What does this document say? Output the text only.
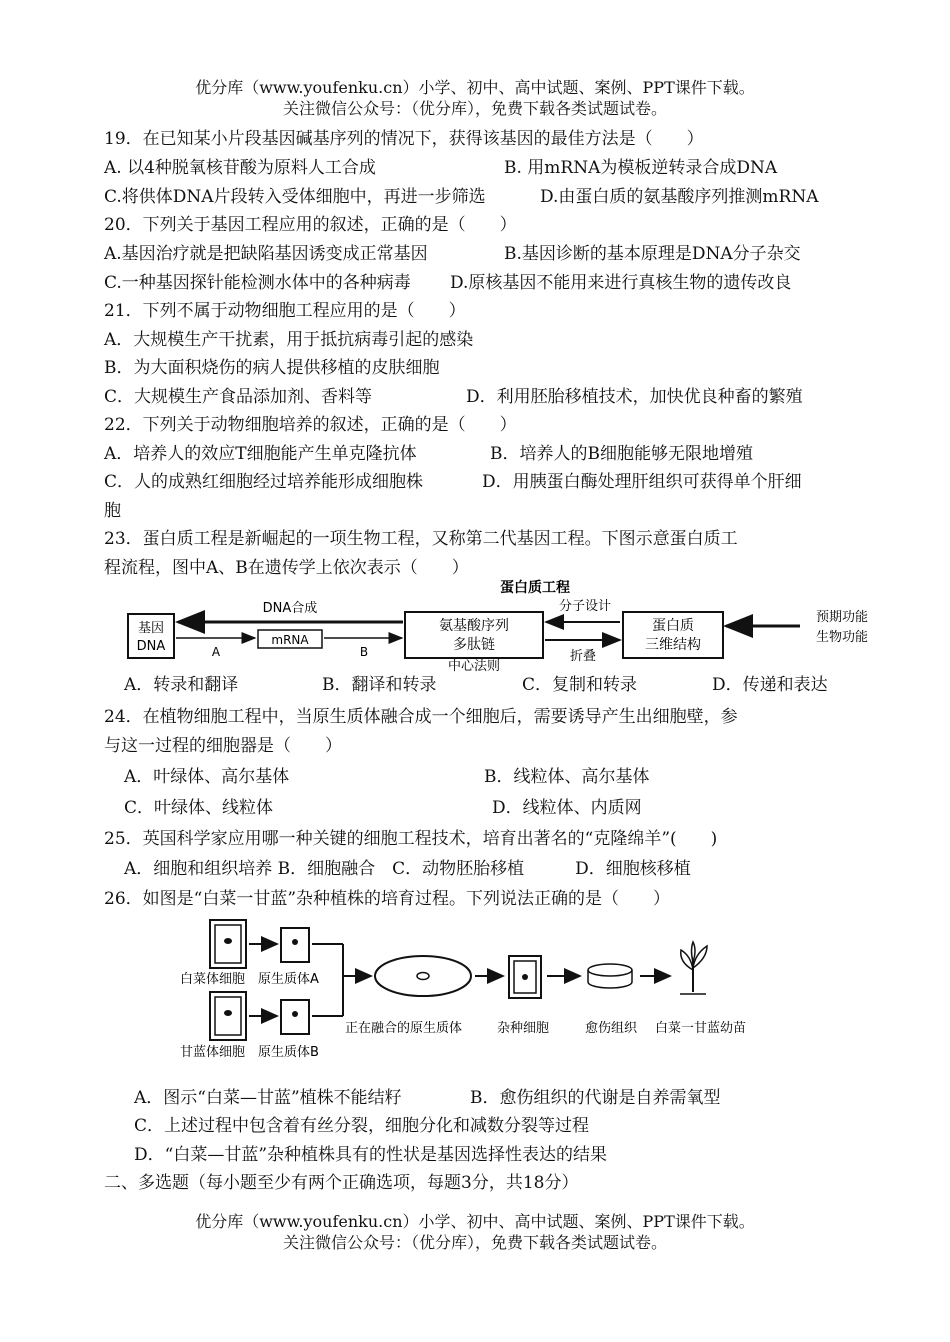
优分库（www.youfenku.cn）小学、初中、高中试题、案例、PPT课件下载。
关注微信公众号：（优分库），免费下载各类试题试卷。
19．在已知某小片段基因碱基序列的情况下，获得该基因的最佳方法是（　　）
A. 以4种脱氧核苷酸为原料人工合成	B. 用mRNA为模板逆转录合成DNA
C.将供体DNA片段转入受体细胞中，再进一步筛选	D.由蛋白质的氨基酸序列推测mRNA
20．下列关于基因工程应用的叙述，正确的是（　　）
A.基因治疗就是把缺陷基因诱变成正常基因	B.基因诊断的基本原理是DNA分子杂交
C.一种基因探针能检测水体中的各种病毒 D.原核基因不能用来进行真核生物的遗传改良
21．下列不属于动物细胞工程应用的是（　　）
A．大规模生产干扰素，用于抵抗病毒引起的感染
B．为大面积烧伤的病人提供移植的皮肤细胞
C．大规模生产食品添加剂、香料等	D．利用胚胎移植技术，加快优良种畜的繁殖
22．下列关于动物细胞培养的叙述，正确的是（　　）
A．培养人的效应T细胞能产生单克隆抗体	B．培养人的B细胞能够无限地增殖
C．人的成熟红细胞经过培养能形成细胞株	D．用胰蛋白酶处理肝组织可获得单个肝细
胞
23．蛋白质工程是新崛起的一项生物工程，又称第二代基因工程。下图示意蛋白质工
程流程，图中A、B在遗传学上依次表示（　　）
蛋白质工程
基因
DNA
DNA合成
A
mRNA
B
氨基酸序列
多肽链
中心法则
分子设计
折叠
蛋白质
三维结构
预期功能
生物功能
A．转录和翻译	B．翻译和转录	C．复制和转录	D．传递和表达
24．在植物细胞工程中，当原生质体融合成一个细胞后，需要诱导产生出细胞壁，参
与这一过程的细胞器是（　　）
A．叶绿体、高尔基体	B．线粒体、高尔基体
C．叶绿体、线粒体	D．线粒体、内质网
25．英国科学家应用哪一种关键的细胞工程技术，培育出著名的“克隆绵羊”(　　)
A．细胞和组织培养 B．细胞融合　C．动物胚胎移植　　　D．细胞核移植
26．如图是“白菜一甘蓝”杂种植株的培育过程。下列说法正确的是（　　）
白菜体细胞 原生质体A
甘蓝体细胞 原生质体B
正在融合的原生质体	杂种细胞	愈伤组织 白菜一甘蓝幼苗
A．图示“白菜—甘蓝”植株不能结籽	B．愈伤组织的代谢是自养需氧型
C．上述过程中包含着有丝分裂，细胞分化和减数分裂等过程
D．“白菜—甘蓝”杂种植株具有的性状是基因选择性表达的结果
二、多选题（每小题至少有两个正确选项，每题3分，共18分）
优分库（www.youfenku.cn）小学、初中、高中试题、案例、PPT课件下载。
关注微信公众号：（优分库），免费下载各类试题试卷。
